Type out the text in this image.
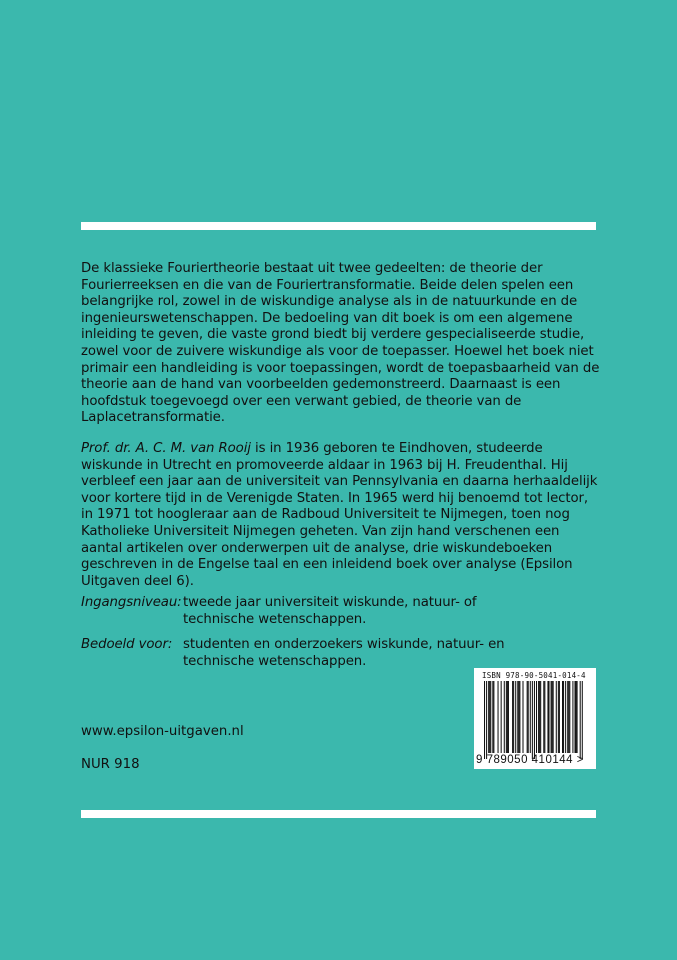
De klassieke Fouriertheorie bestaat uit twee gedeelten: de theorie der Fourierreeksen en die van de Fouriertransformatie. Beide delen spelen een belangrijke rol, zowel in de wiskundige analyse als in de natuurkunde en de ingenieurswetenschappen. De bedoeling van dit boek is om een algemene inleiding te geven, die vaste grond biedt bij verdere gespecialiseerde studie, zowel voor de zuivere wiskundige als voor de toepasser. Hoewel het boek niet primair een handleiding is voor toepassingen, wordt de toepasbaarheid van de theorie aan de hand van voorbeelden gedemonstreerd. Daarnaast is een hoofdstuk toegevoegd over een verwant gebied, de theorie van de Laplacetransformatie.
Prof. dr. A. C. M. van Rooij is in 1936 geboren te Eindhoven, studeerde wiskunde in Utrecht en promoveerde aldaar in 1963 bij H. Freudenthal. Hij verbleef een jaar aan de universiteit van Pennsylvania en daarna herhaaldelijk voor kortere tijd in de Verenigde Staten. In 1965 werd hij benoemd tot lector, in 1971 tot hoogleraar aan de Radboud Universiteit te Nijmegen, toen nog Katholieke Universiteit Nijmegen geheten. Van zijn hand verschenen een aantal artikelen over onderwerpen uit de analyse, drie wiskundeboeken geschreven in de Engelse taal en een inleidend boek over analyse (Epsilon Uitgaven deel 6).
Ingangsniveau: tweede jaar universiteit wiskunde, natuur- of technische wetenschappen.
Bedoeld voor: studenten en onderzoekers wiskunde, natuur- en technische wetenschappen.
www.epsilon-uitgaven.nl
NUR 918
ISBN 978-90-5041-014-4
9 789050 410144 >
